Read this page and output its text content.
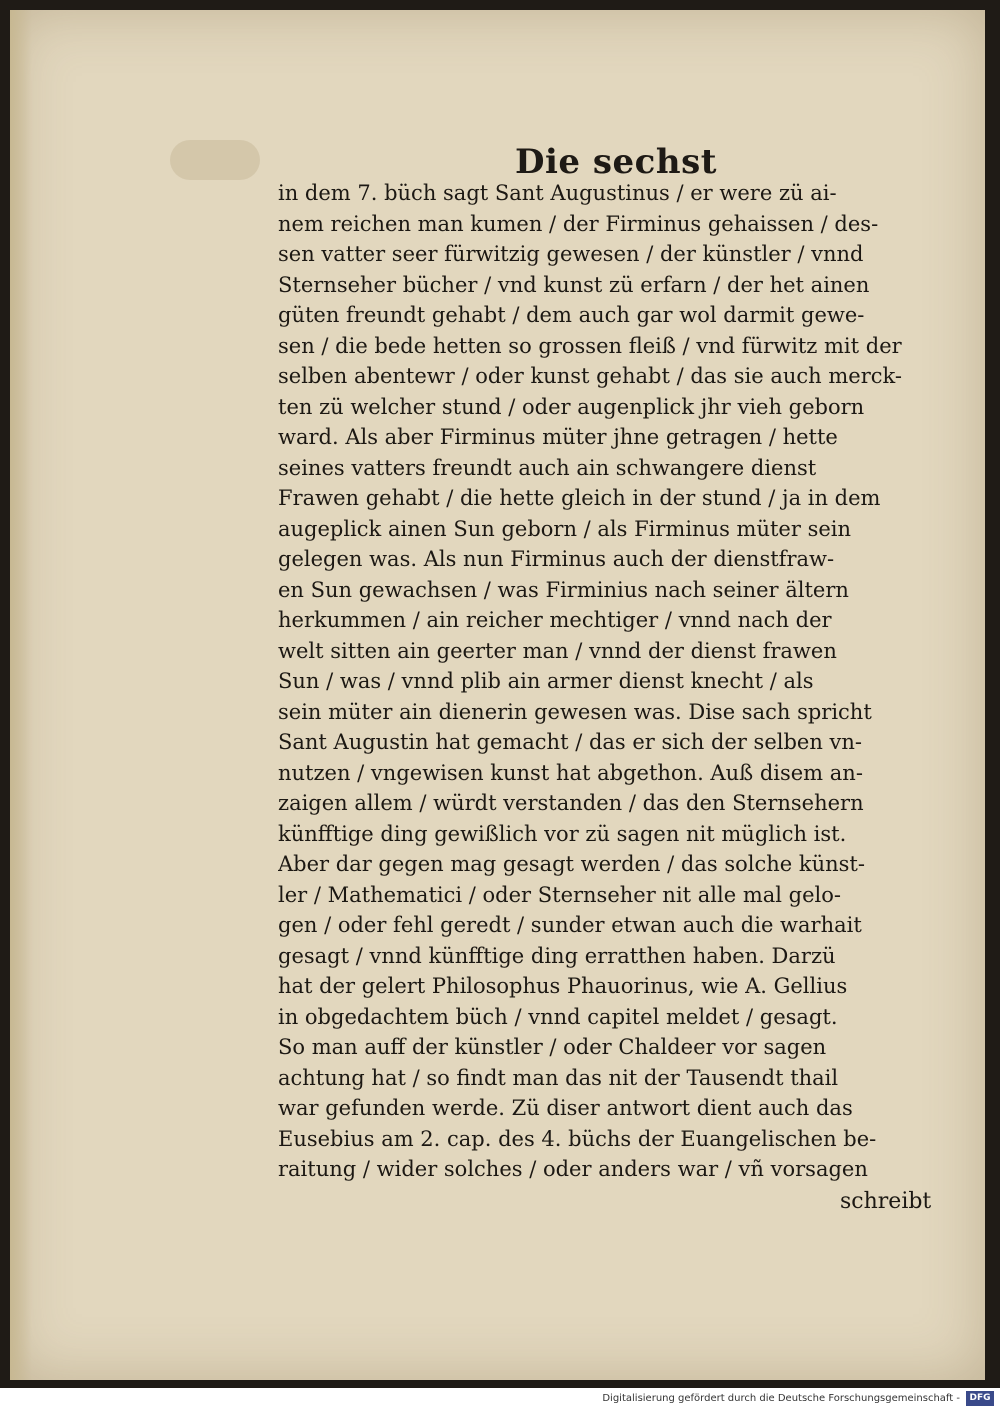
Die sechst
in dem 7. büch sagt Sant Augustinus / er were zü ai-
nem reichen man kumen / der Firminus gehaissen / des-
sen vatter seer fürwitzig gewesen / der künstler / vnnd
Sternseher bücher / vnd kunst zü erfarn / der het ainen
güten freundt gehabt / dem auch gar wol darmit gewe-
sen / die bede hetten so grossen fleiß / vnd fürwitz mit der
selben abentewr / oder kunst gehabt / das sie auch merck-
ten zü welcher stund / oder augenplick jhr vieh geborn
ward. Als aber Firminus müter jhne getragen / hette
seines vatters freundt auch ain schwangere dienst
Frawen gehabt / die hette gleich in der stund / ja in dem
augeplick ainen Sun geborn / als Firminus müter sein
gelegen was. Als nun Firminus auch der dienstfraw-
en Sun gewachsen / was Firminius nach seiner ältern
herkummen / ain reicher mechtiger / vnnd nach der
welt sitten ain geerter man / vnnd der dienst frawen
Sun / was / vnnd plib ain armer dienst knecht / als
sein müter ain dienerin gewesen was. Dise sach spricht
Sant Augustin hat gemacht / das er sich der selben vn-
nutzen / vngewisen kunst hat abgethon. Auß disem an-
zaigen allem / würdt verstanden / das den Sternsehern
künfftige ding gewißlich vor zü sagen nit müglich ist.
Aber dar gegen mag gesagt werden / das solche künst-
ler / Mathematici / oder Sternseher nit alle mal gelo-
gen / oder fehl geredt / sunder etwan auch die warhait
gesagt / vnnd künfftige ding erratthen haben. Darzü
hat der gelert Philosophus Phauorinus, wie A. Gellius
in obgedachtem büch / vnnd capitel meldet / gesagt.
So man auff der künstler / oder Chaldeer vor sagen
achtung hat / so findt man das nit der Tausendt thail
war gefunden werde. Zü diser antwort dient auch das
Eusebius am 2. cap. des 4. büchs der Euangelischen be-
raitung / wider solches / oder anders war / vñ vorsagen
schreibt
Digitalisierung gefördert durch die Deutsche Forschungsgemeinschaft -	DFG
